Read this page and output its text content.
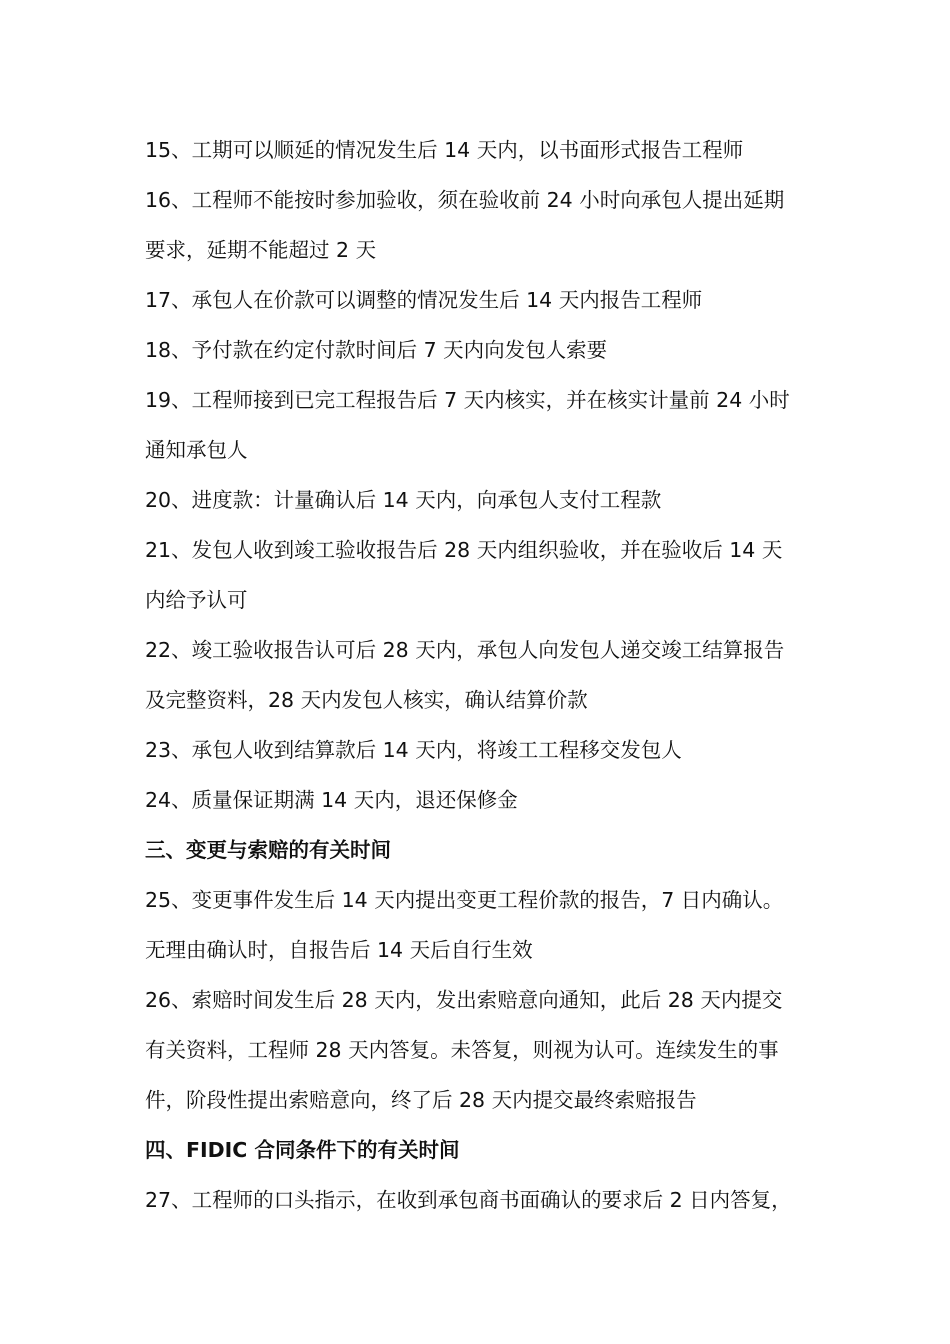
15、工期可以顺延的情况发生后 14 天内，以书面形式报告工程师
16、工程师不能按时参加验收，须在验收前 24 小时向承包人提出延期
要求，延期不能超过 2 天
17、承包人在价款可以调整的情况发生后 14 天内报告工程师
18、予付款在约定付款时间后 7 天内向发包人索要
19、工程师接到已完工程报告后 7 天内核实，并在核实计量前 24 小时
通知承包人
20、进度款：计量确认后 14 天内，向承包人支付工程款
21、发包人收到竣工验收报告后 28 天内组织验收，并在验收后 14 天
内给予认可
22、竣工验收报告认可后 28 天内，承包人向发包人递交竣工结算报告
及完整资料，28 天内发包人核实，确认结算价款
23、承包人收到结算款后 14 天内，将竣工工程移交发包人
24、质量保证期满 14 天内，退还保修金
三、变更与索赔的有关时间
25、变更事件发生后 14 天内提出变更工程价款的报告，7 日内确认。
无理由确认时，自报告后 14 天后自行生效
26、索赔时间发生后 28 天内，发出索赔意向通知，此后 28 天内提交
有关资料，工程师 28 天内答复。未答复，则视为认可。连续发生的事
件，阶段性提出索赔意向，终了后 28 天内提交最终索赔报告
四、FIDIC 合同条件下的有关时间
27、工程师的口头指示，在收到承包商书面确认的要求后 2 日内答复，
